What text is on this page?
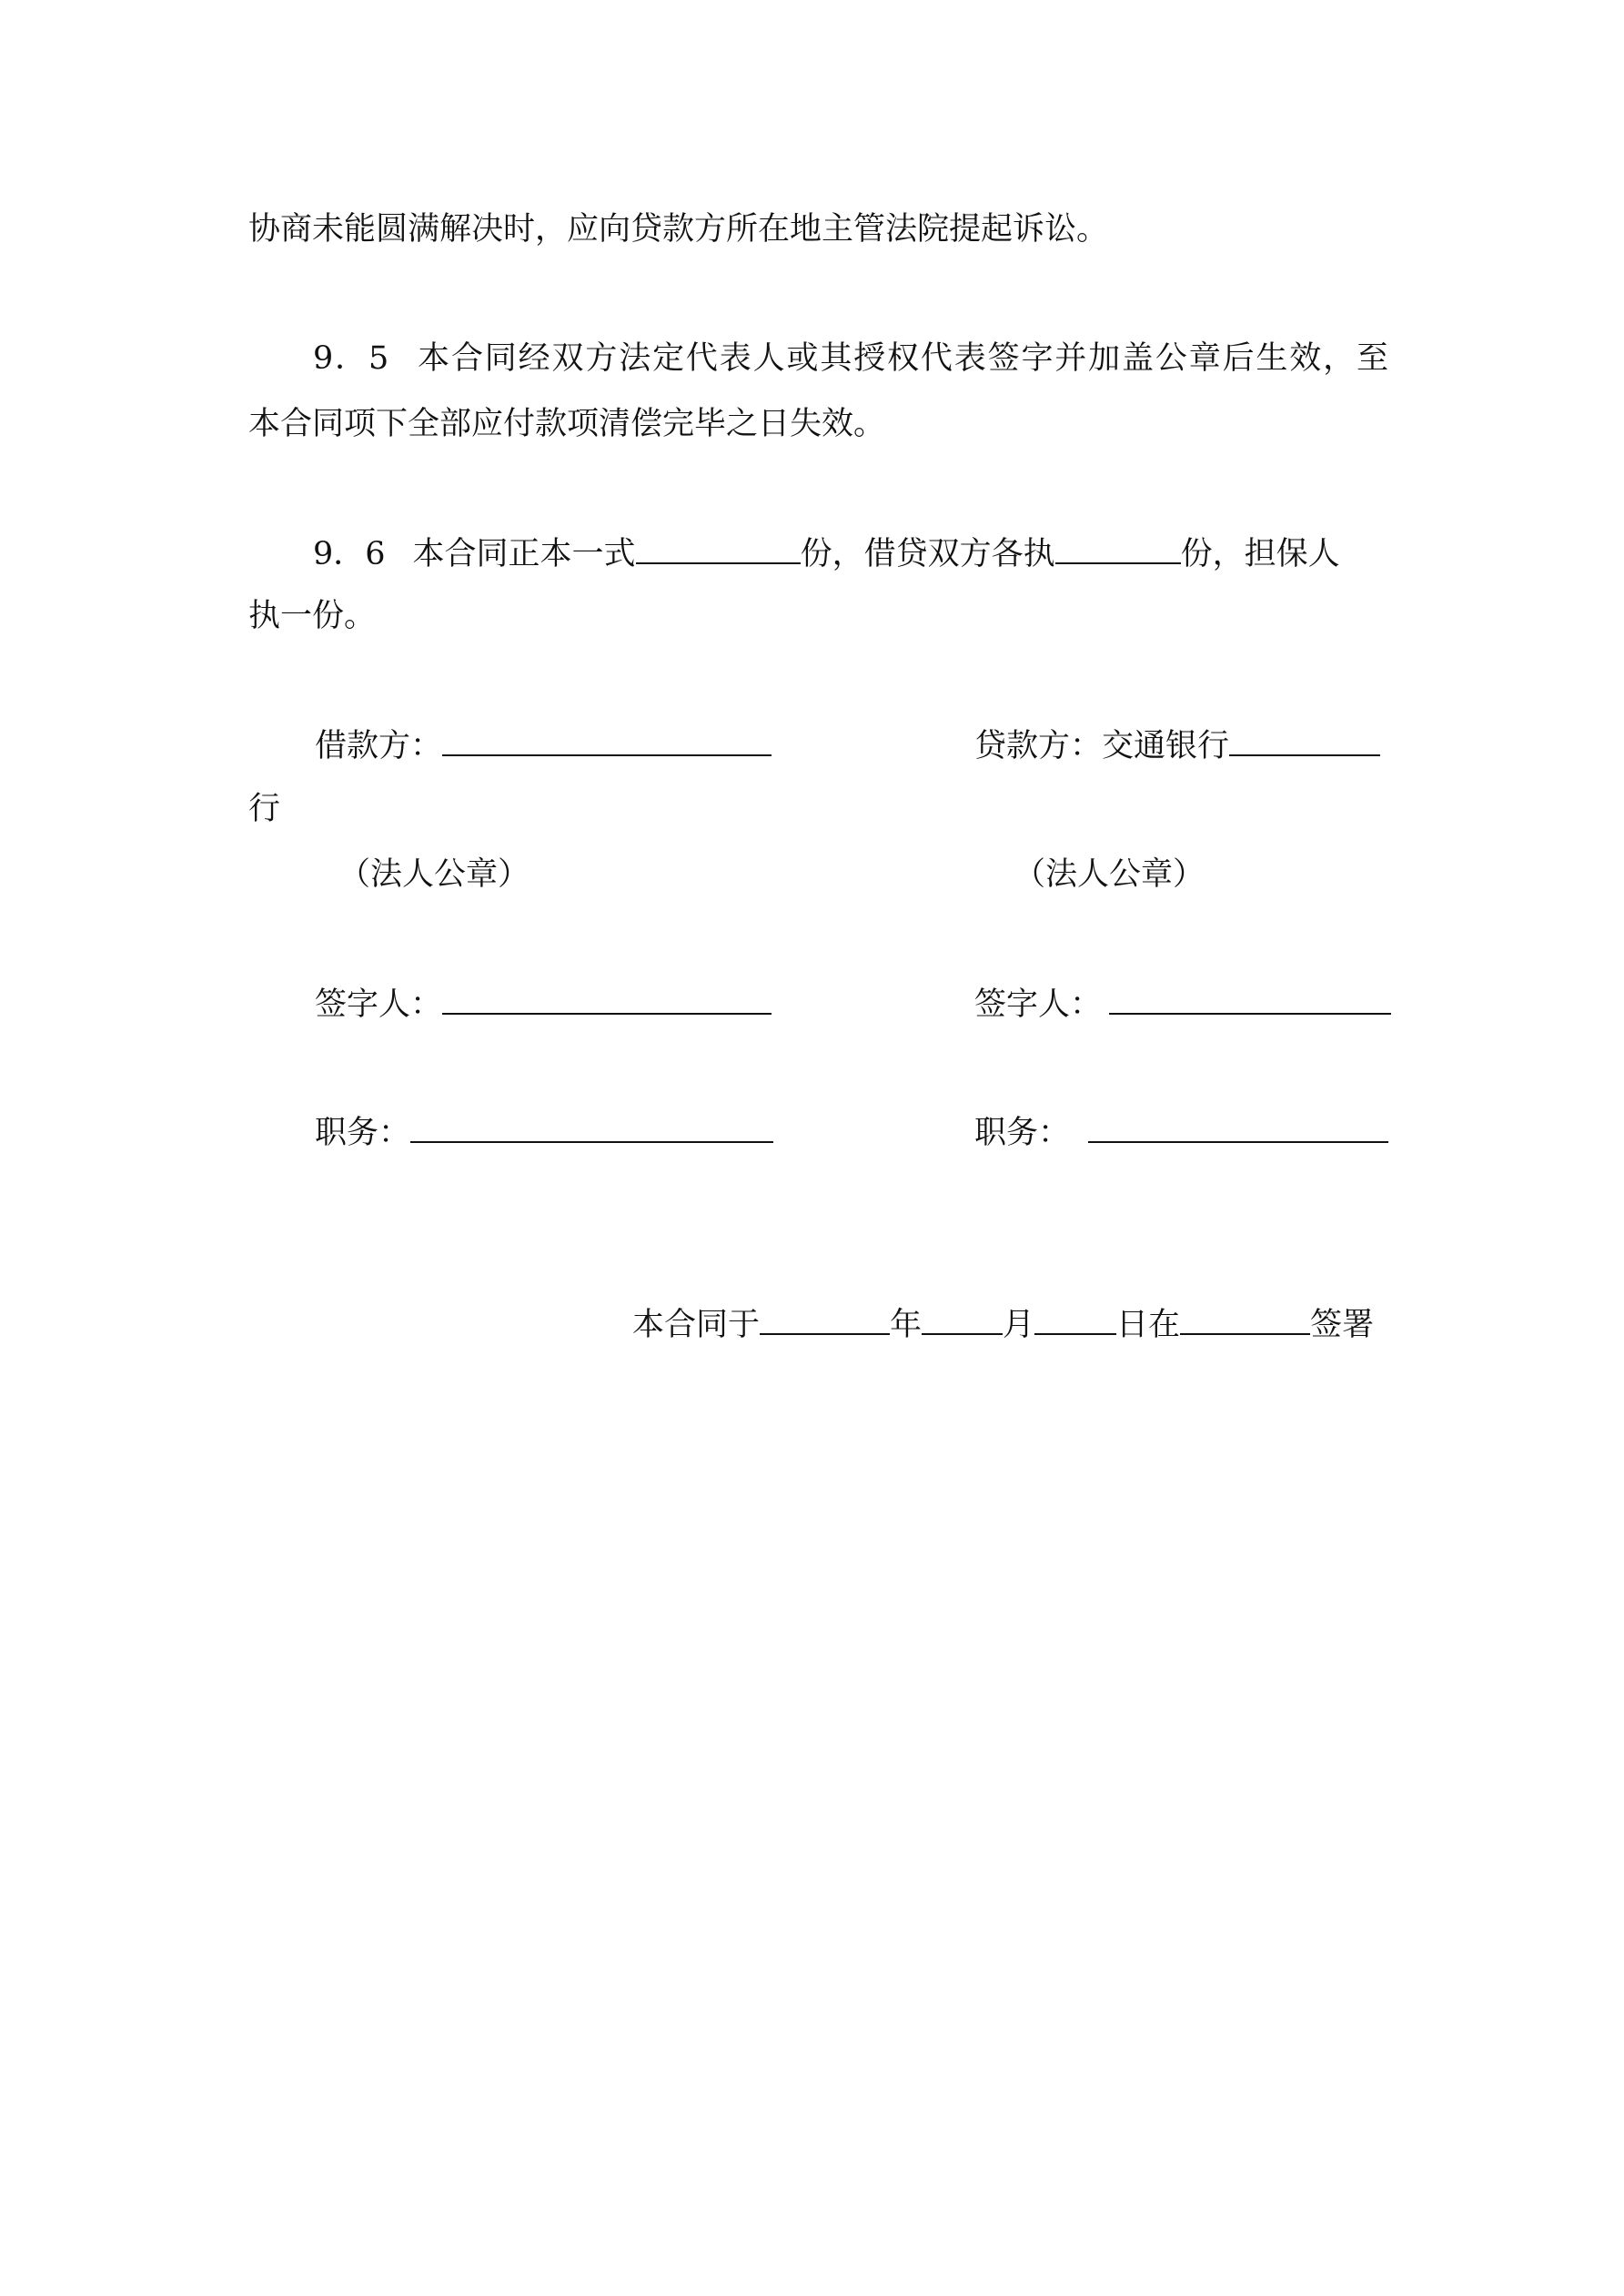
协商未能圆满解决时，应向贷款方所在地主管法院提起诉讼。
9．5 本合同经双方法定代表人或其授权代表签字并加盖公章后生效，至
本合同项下全部应付款项清偿完毕之日失效。
9．6 本合同正本一式	份，借贷双方各执	份，担保人
执一份。
借款方：	贷款方：交通银行
行
（法人公章）	（法人公章）
签字人：	签字人：
职务：	职务：
本合同于	年	月	日在	签署
